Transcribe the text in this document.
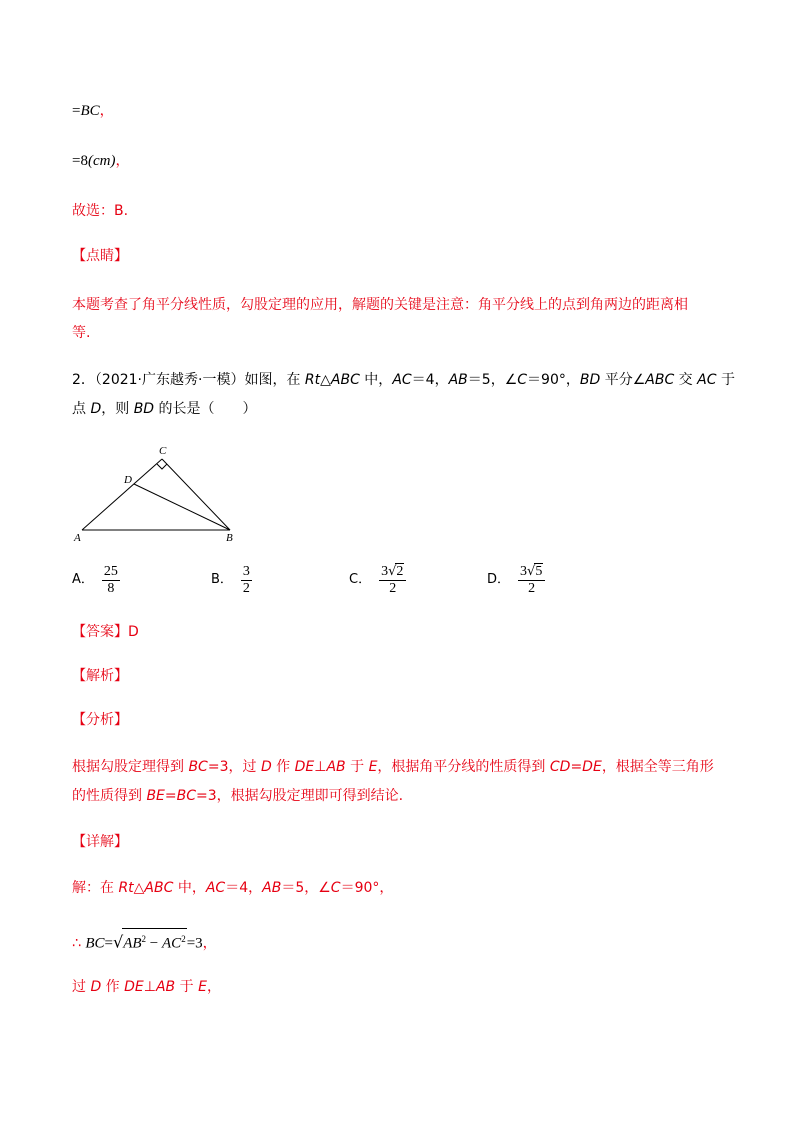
=BC，
=8(cm)，
故选：B.
【点睛】
本题考查了角平分线性质，勾股定理的应用，解题的关键是注意：角平分线上的点到角两边的距离相
等.
2．（2021·广东越秀·一模）如图，在 Rt△ABC 中，AC＝4，AB＝5，∠C＝90°，BD 平分∠ABC 交 AC 于
点 D，则 BD 的长是（　　）
A	B
C
D
A． $\frac{25}{8}$	B． $\frac{3}{2}$	C． $\frac{3√2}{2}$	D． $\frac{3√5}{2}$
【答案】D
【解析】
【分析】
根据勾股定理得到 BC=3，过 D 作 DE⊥AB 于 E，根据角平分线的性质得到 CD=DE，根据全等三角形
的性质得到 BE=BC=3，根据勾股定理即可得到结论.
【详解】
解：在 Rt△ABC 中，AC＝4，AB＝5，∠C＝90°，
∴ $BC=√AB^2 - AC^2=3$，
过 D 作 DE⊥AB 于 E，
